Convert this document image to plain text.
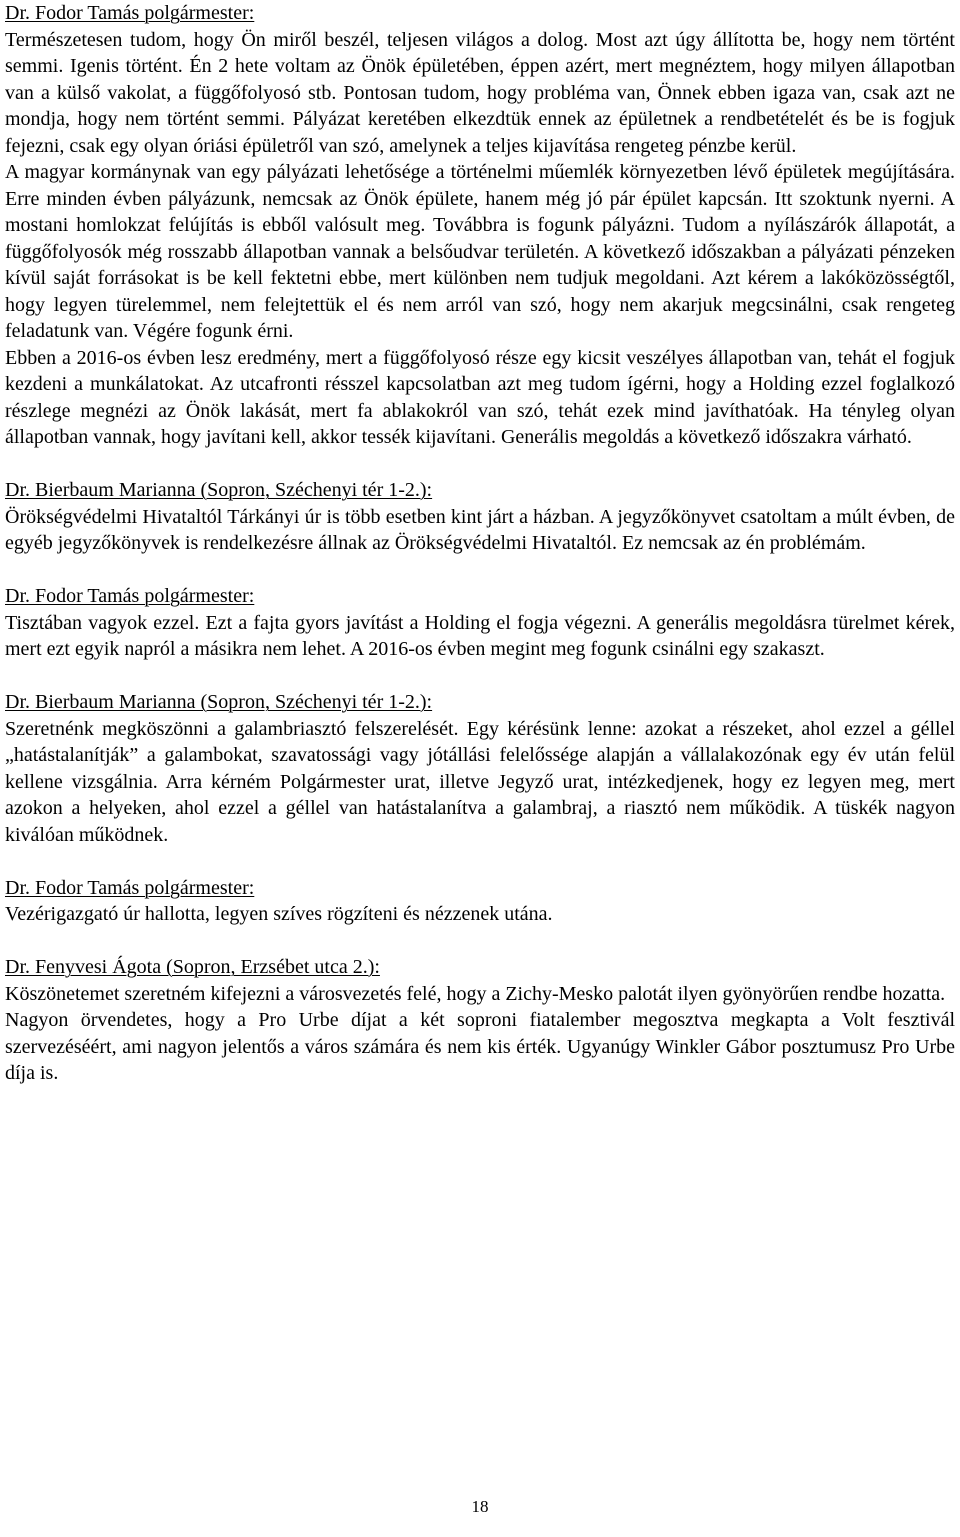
Dr. Fodor Tamás polgármester:

Természetesen tudom, hogy Ön miről beszél, teljesen világos a dolog. Most azt úgy állította be, hogy nem történt semmi. Igenis történt. Én 2 hete voltam az Önök épületében, éppen azért, mert megnéztem, hogy milyen állapotban van a külső vakolat, a függőfolyosó stb. Pontosan tudom, hogy probléma van, Önnek ebben igaza van, csak azt ne mondja, hogy nem történt semmi. Pályázat keretében elkezdtük ennek az épületnek a rendbetételét és be is fogjuk fejezni, csak egy olyan óriási épületről van szó, amelynek a teljes kijavítása rengeteg pénzbe kerül.

A magyar kormánynak van egy pályázati lehetősége a történelmi műemlék környezetben lévő épületek megújítására. Erre minden évben pályázunk, nemcsak az Önök épülete, hanem még jó pár épület kapcsán. Itt szoktunk nyerni. A mostani homlokzat felújítás is ebből valósult meg. Továbbra is fogunk pályázni. Tudom a nyílászárók állapotát, a függőfolyosók még rosszabb állapotban vannak a belsőudvar területén. A következő időszakban a pályázati pénzeken kívül saját forrásokat is be kell fektetni ebbe, mert különben nem tudjuk megoldani. Azt kérem a lakóközösségtől, hogy legyen türelemmel, nem felejtettük el és nem arról van szó, hogy nem akarjuk megcsinálni, csak rengeteg feladatunk van. Végére fogunk érni.

Ebben a 2016-os évben lesz eredmény, mert a függőfolyosó része egy kicsit veszélyes állapotban van, tehát el fogjuk kezdeni a munkálatokat. Az utcafronti résszel kapcsolatban azt meg tudom ígérni, hogy a Holding ezzel foglalkozó részlege megnézi az Önök lakását, mert fa ablakokról van szó, tehát ezek mind javíthatóak. Ha tényleg olyan állapotban vannak, hogy javítani kell, akkor tessék kijavítani. Generális megoldás a következő időszakra várható.

Dr. Bierbaum Marianna (Sopron, Széchenyi tér 1-2.):

Örökségvédelmi Hivataltól Tárkányi úr is több esetben kint járt a házban. A jegyzőkönyvet csatoltam a múlt évben, de egyéb jegyzőkönyvek is rendelkezésre állnak az Örökségvédelmi Hivataltól. Ez nemcsak az én problémám.

Dr. Fodor Tamás polgármester:

Tisztában vagyok ezzel. Ezt a fajta gyors javítást a Holding el fogja végezni. A generális megoldásra türelmet kérek, mert ezt egyik napról a másikra nem lehet. A 2016-os évben megint meg fogunk csinálni egy szakaszt.

Dr. Bierbaum Marianna (Sopron, Széchenyi tér 1-2.):

Szeretnénk megköszönni a galambriasztó felszerelését. Egy kérésünk lenne: azokat a részeket, ahol ezzel a géllel „hatástalanítják” a galambokat, szavatossági vagy jótállási felelőssége alapján a vállalakozónak egy év után felül kellene vizsgálnia. Arra kérném Polgármester urat, illetve Jegyző urat, intézkedjenek, hogy ez legyen meg, mert azokon a helyeken, ahol ezzel a géllel van hatástalanítva a galambraj, a riasztó nem működik. A tüskék nagyon kiválóan működnek.

Dr. Fodor Tamás polgármester:

Vezérigazgató úr hallotta, legyen szíves rögzíteni és nézzenek utána.

Dr. Fenyvesi Ágota (Sopron, Erzsébet utca 2.):

Köszönetemet szeretném kifejezni a városvezetés felé, hogy a Zichy-Mesko palotát ilyen gyönyörűen rendbe hozatta.

Nagyon örvendetes, hogy a Pro Urbe díjat a két soproni fiatalember megosztva megkapta a Volt fesztivál szervezéséért, ami nagyon jelentős a város számára és nem kis érték. Ugyanúgy Winkler Gábor posztumusz Pro Urbe díja is.

18
